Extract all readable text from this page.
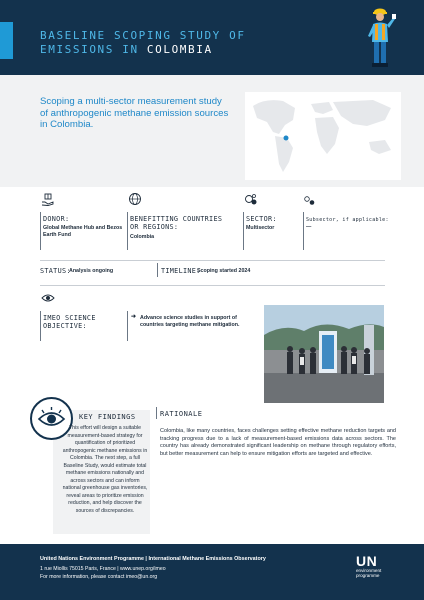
BASELINE SCOPING STUDY OF
EMISSIONS IN COLOMBIA
Scoping a multi-sector measurement study of anthropogenic methane emission sources in Colombia.
DONOR:
Global Methane Hub and Bezos Earth Fund
BENEFITTING COUNTRIES OR REGIONS:
Colombia
SECTOR:
Multisector
Subsector, if applicable:
—
STATUS:
Analysis ongoing	TIMELINE:
Scoping started 2024
IMEO SCIENCE OBJECTIVE:
➜ Advance science studies in support of countries targeting methane mitigation.
KEY FINDINGS
This effort will design a suitable measurement-based strategy for quantification of prioritized anthropogenic methane emissions in Colombia. The next step, a full Baseline Study, would estimate total methane emissions nationally and across sectors and can inform national greenhouse gas inventories, reveal areas to prioritize emission reduction, and help discover the sources of discrepancies.
RATIONALE
Colombia, like many countries, faces challenges setting effective methane reduction targets and tracking progress due to a lack of measurement-based emissions data across sectors. The country has already demonstrated significant leadership on methane through regulatory efforts, but better measurement can help to ensure mitigation efforts are targeted and effective.
United Nations Environment Programme | International Methane Emissions Observatory
1 rue Miollis 75015 Paris, France | www.unep.org/imeo
For more information, please contact imeo@un.org
UN
environment
programme
